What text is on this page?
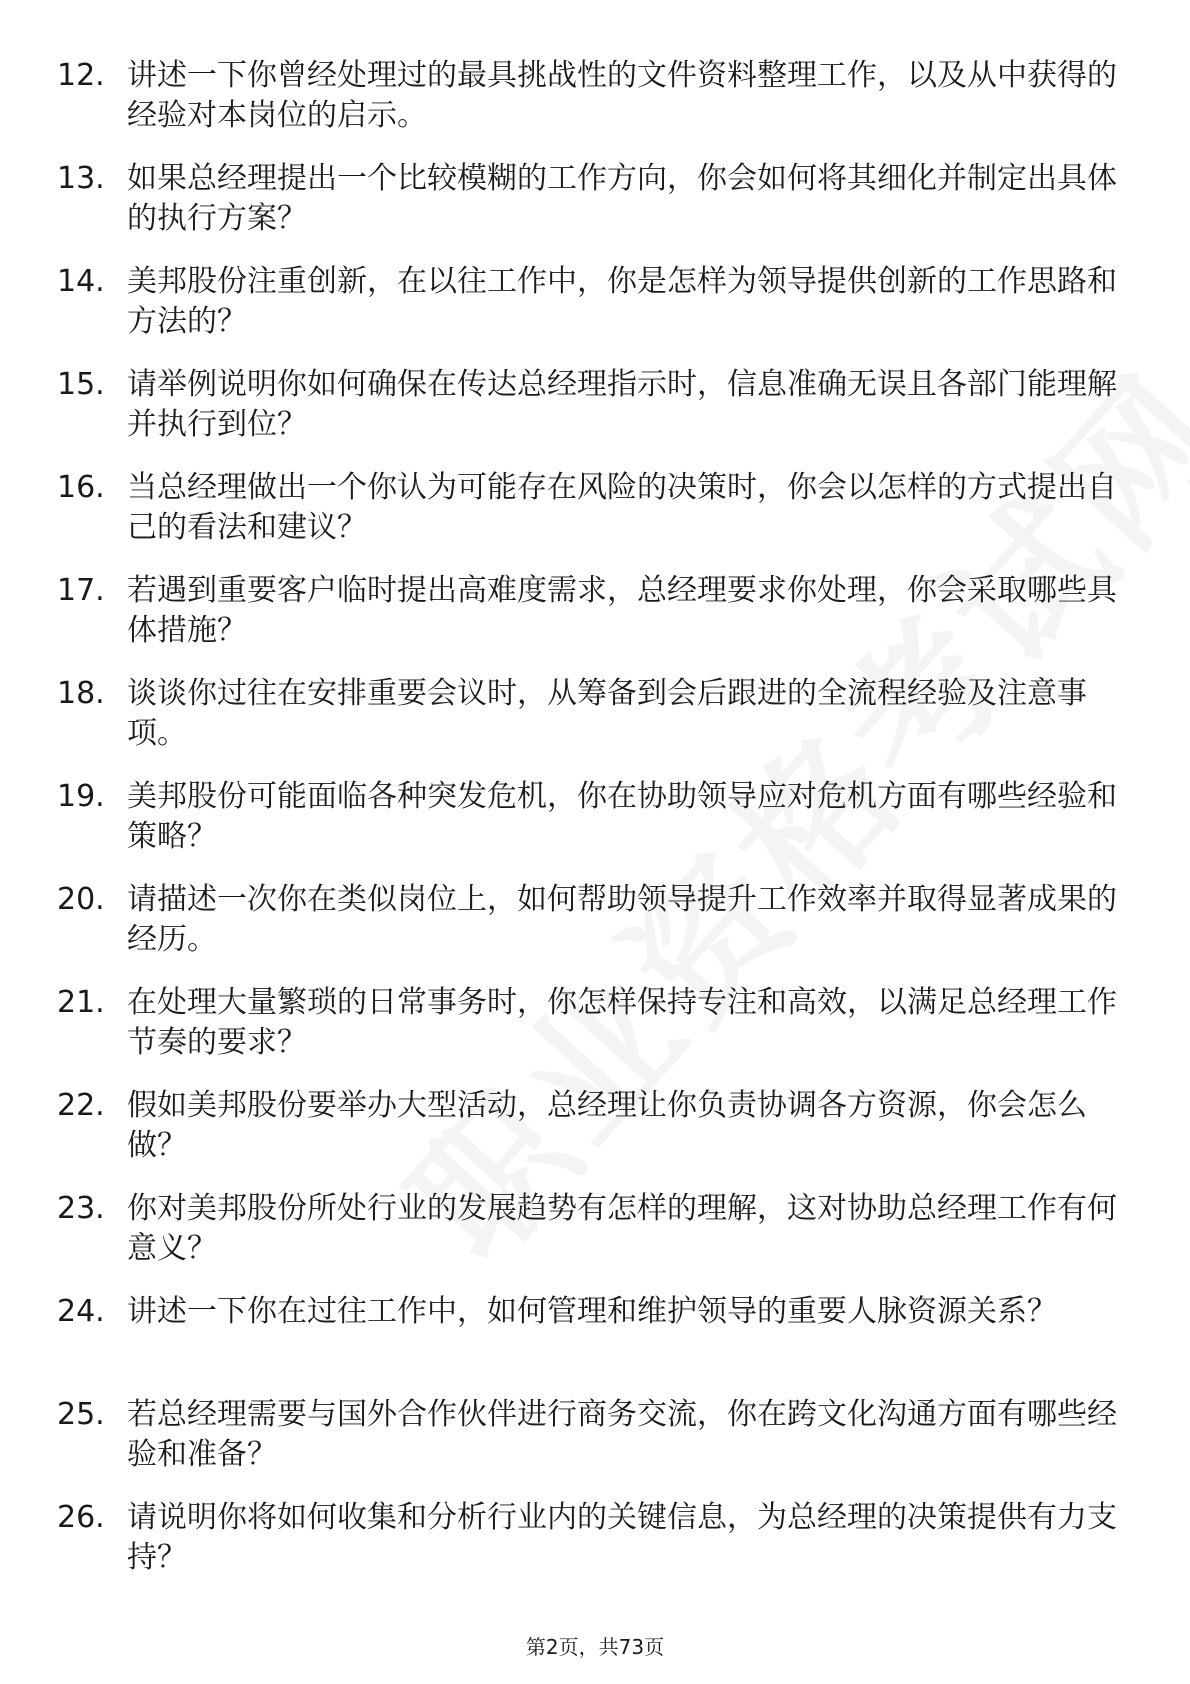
12. 讲述一下你曾经处理过的最具挑战性的文件资料整理工作，以及从中获得的经验对本岗位的启示。
13. 如果总经理提出一个比较模糊的工作方向，你会如何将其细化并制定出具体的执行方案？
14. 美邦股份注重创新，在以往工作中，你是怎样为领导提供创新的工作思路和方法的？
15. 请举例说明你如何确保在传达总经理指示时，信息准确无误且各部门能理解并执行到位？
16. 当总经理做出一个你认为可能存在风险的决策时，你会以怎样的方式提出自己的看法和建议？
17. 若遇到重要客户临时提出高难度需求，总经理要求你处理，你会采取哪些具体措施？
18. 谈谈你过往在安排重要会议时，从筹备到会后跟进的全流程经验及注意事项。
19. 美邦股份可能面临各种突发危机，你在协助领导应对危机方面有哪些经验和策略？
20. 请描述一次你在类似岗位上，如何帮助领导提升工作效率并取得显著成果的经历。
21. 在处理大量繁琐的日常事务时，你怎样保持专注和高效，以满足总经理工作节奏的要求？
22. 假如美邦股份要举办大型活动，总经理让你负责协调各方资源，你会怎么做？
23. 你对美邦股份所处行业的发展趋势有怎样的理解，这对协助总经理工作有何意义？
24. 讲述一下你在过往工作中，如何管理和维护领导的重要人脉资源关系？
25. 若总经理需要与国外合作伙伴进行商务交流，你在跨文化沟通方面有哪些经验和准备？
26. 请说明你将如何收集和分析行业内的关键信息，为总经理的决策提供有力支持？
第2页，共73页
